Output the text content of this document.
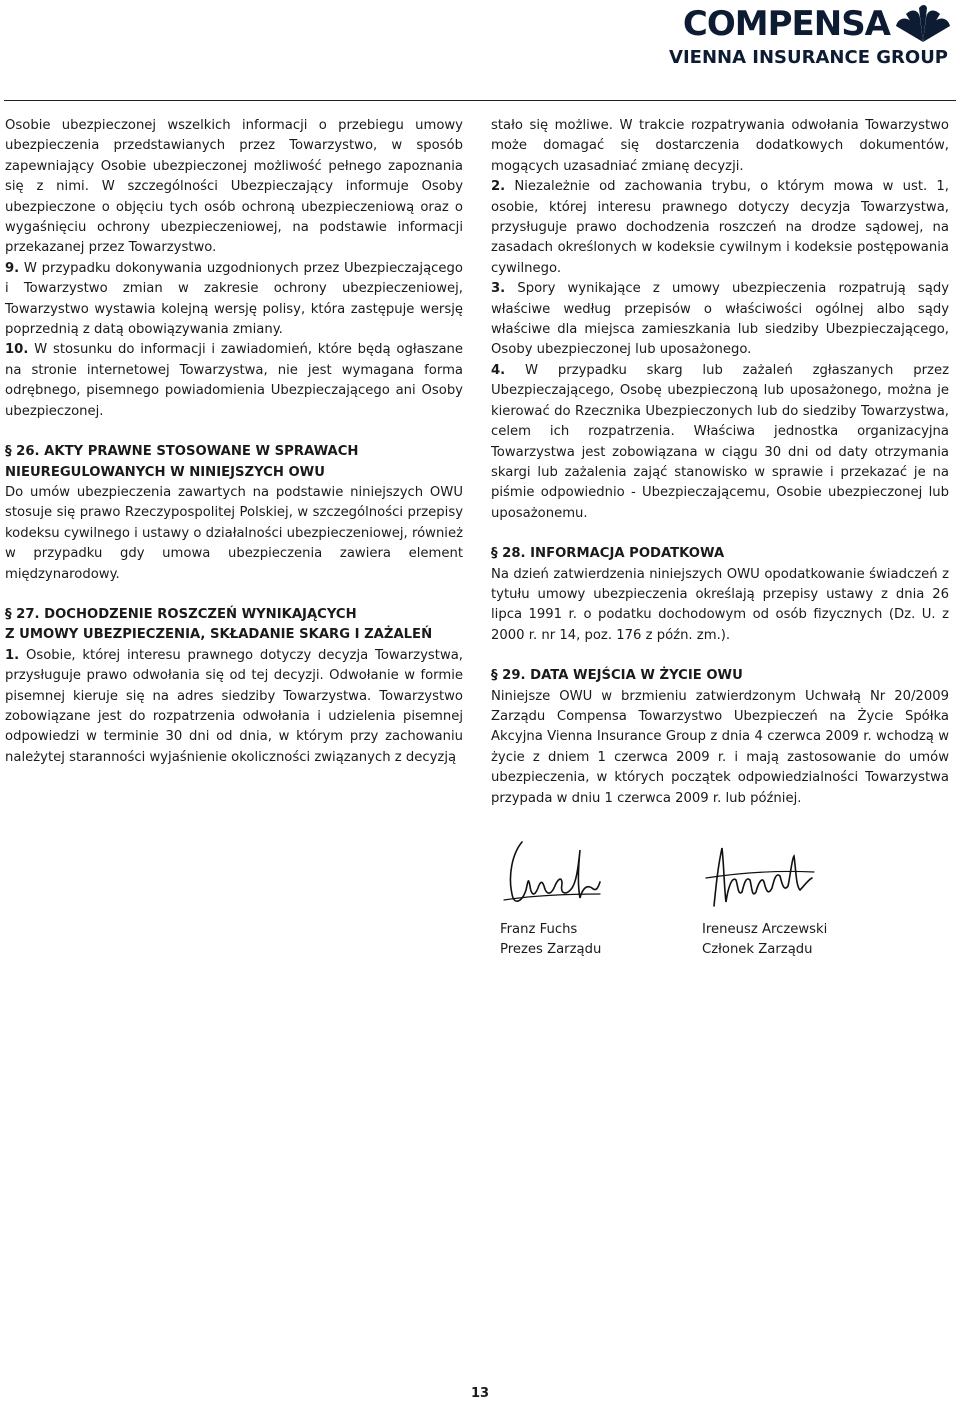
COMPENSA
VIENNA INSURANCE GROUP

Osobie ubezpieczonej wszelkich informacji o przebiegu umowy ubezpieczenia przedstawianych przez Towarzystwo, w sposób zapewniający Osobie ubezpieczonej możliwość pełnego zapoznania się z nimi. W szczególności Ubezpieczający informuje Osoby ubezpieczone o objęciu tych osób ochroną ubezpieczeniową oraz o wygaśnięciu ochrony ubezpieczeniowej, na podstawie informacji przekazanej przez Towarzystwo.

9. W przypadku dokonywania uzgodnionych przez Ubezpieczającego i Towarzystwo zmian w zakresie ochrony ubezpieczeniowej, Towarzystwo wystawia kolejną wersję polisy, która zastępuje wersję poprzednią z datą obowiązywania zmiany.

10. W stosunku do informacji i zawiadomień, które będą ogłaszane na stronie internetowej Towarzystwa, nie jest wymagana forma odrębnego, pisemnego powiadomienia Ubezpieczającego ani Osoby ubezpieczonej.

§ 26. AKTY PRAWNE STOSOWANE W SPRAWACH
NIEUREGULOWANYCH W NINIEJSZYCH OWU

Do umów ubezpieczenia zawartych na podstawie niniejszych OWU stosuje się prawo Rzeczypospolitej Polskiej, w szczególności przepisy kodeksu cywilnego i ustawy o działalności ubezpieczeniowej, również w przypadku gdy umowa ubezpieczenia zawiera element międzynarodowy.

§ 27. DOCHODZENIE ROSZCZEŃ WYNIKAJĄCYCH
Z UMOWY UBEZPIECZENIA, SKŁADANIE SKARG I ZAŻALEŃ

1. Osobie, której interesu prawnego dotyczy decyzja Towarzystwa, przysługuje prawo odwołania się od tej decyzji. Odwołanie w formie pisemnej kieruje się na adres siedziby Towarzystwa. Towarzystwo zobowiązane jest do rozpatrzenia odwołania i udzielenia pisemnej odpowiedzi w terminie 30 dni od dnia, w którym przy zachowaniu należytej staranności wyjaśnienie okoliczności związanych z decyzją

stało się możliwe. W trakcie rozpatrywania odwołania Towarzystwo może domagać się dostarczenia dodatkowych dokumentów, mogących uzasadniać zmianę decyzji.

2. Niezależnie od zachowania trybu, o którym mowa w ust. 1, osobie, której interesu prawnego dotyczy decyzja Towarzystwa, przysługuje prawo dochodzenia roszczeń na drodze sądowej, na zasadach określonych w kodeksie cywilnym i kodeksie postępowania cywilnego.

3. Spory wynikające z umowy ubezpieczenia rozpatrują sądy właściwe według przepisów o właściwości ogólnej albo sądy właściwe dla miejsca zamieszkania lub siedziby Ubezpieczającego, Osoby ubezpieczonej lub uposażonego.

4. W przypadku skarg lub zażaleń zgłaszanych przez Ubezpieczającego, Osobę ubezpieczoną lub uposażonego, można je kierować do Rzecznika Ubezpieczonych lub do siedziby Towarzystwa, celem ich rozpatrzenia. Właściwa jednostka organizacyjna Towarzystwa jest zobowiązana w ciągu 30 dni od daty otrzymania skargi lub zażalenia zająć stanowisko w sprawie i przekazać je na piśmie odpowiednio - Ubezpieczającemu, Osobie ubezpieczonej lub uposażonemu.

§ 28. INFORMACJA PODATKOWA

Na dzień zatwierdzenia niniejszych OWU opodatkowanie świadczeń z tytułu umowy ubezpieczenia określają przepisy ustawy z dnia 26 lipca 1991 r. o podatku dochodowym od osób fizycznych (Dz. U. z 2000 r. nr 14, poz. 176 z późn. zm.).

§ 29. DATA WEJŚCIA W ŻYCIE OWU

Niniejsze OWU w brzmieniu zatwierdzonym Uchwałą Nr 20/2009 Zarządu Compensa Towarzystwo Ubezpieczeń na Życie Spółka Akcyjna Vienna Insurance Group z dnia 4 czerwca 2009 r. wchodzą w życie z dniem 1 czerwca 2009 r. i mają zastosowanie do umów ubezpieczenia, w których początek odpowiedzialności Towarzystwa przypada w dniu 1 czerwca 2009 r. lub później.

Franz Fuchs
Prezes Zarządu
Ireneusz Arczewski
Członek Zarządu
13
